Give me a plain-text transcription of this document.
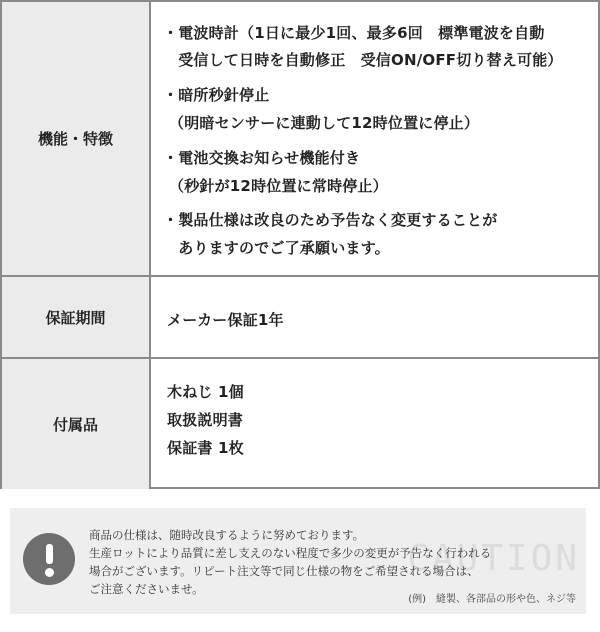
機能・特徴
・電波時計（1日に最少1回、最多6回　標準電波を自動
　受信して日時を自動修正　受信ON/OFF切り替え可能）
・暗所秒針停止
（明暗センサーに連動して12時位置に停止）
・電池交換お知らせ機能付き
（秒針が12時位置に常時停止）
・製品仕様は改良のため予告なく変更することが
　ありますのでご了承願います。
保証期間	メーカー保証1年
付属品
木ねじ 1個
取扱説明書
保証書 1枚
CAUTION
商品の仕様は、随時改良するように努めております。
生産ロットにより品質に差し支えのない程度で多少の変更が予告なく行われる
場合がございます。リピート注文等で同じ仕様の物をご希望される場合は、
ご注意くださいませ。
(例)　縫製、各部品の形や色、ネジ等
